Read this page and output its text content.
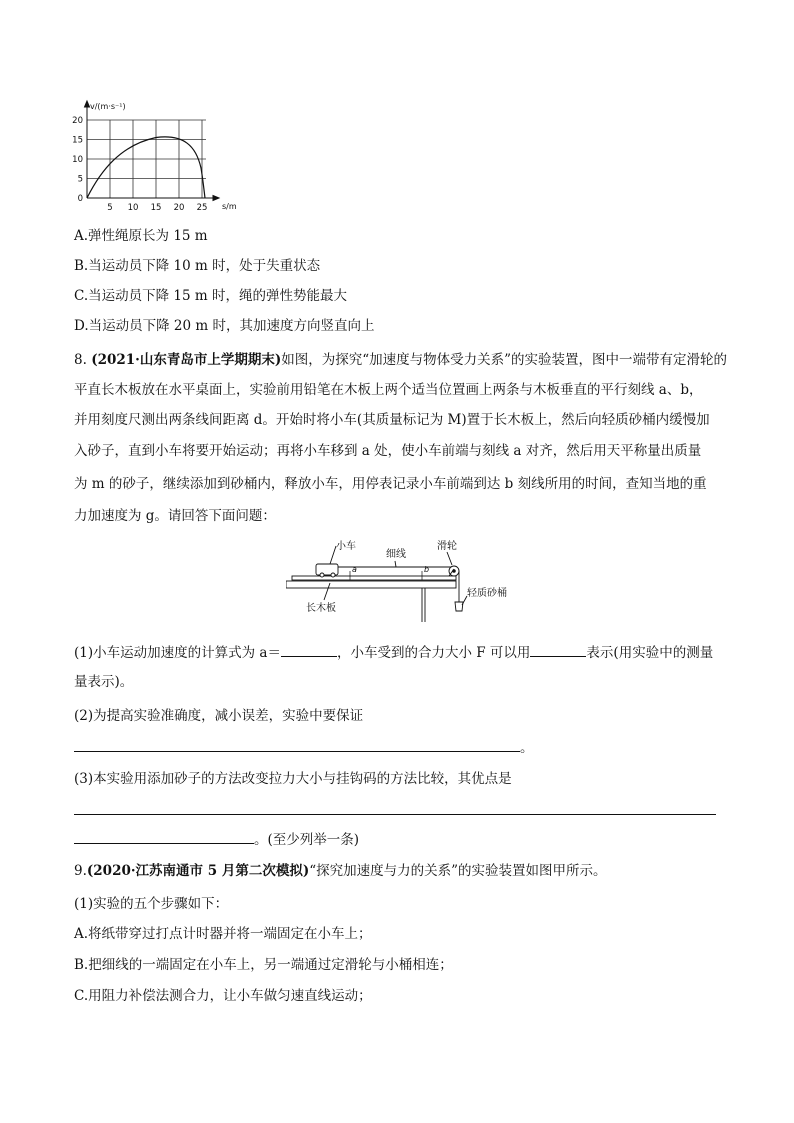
v/(m·s⁻¹)
s/m
0
5
10
15
20
5 10 15 20 25
A.弹性绳原长为 15 m
B.当运动员下降 10 m 时，处于失重状态
C.当运动员下降 15 m 时，绳的弹性势能最大
D.当运动员下降 20 m 时，其加速度方向竖直向上
8. (2021·山东青岛市上学期期末)如图，为探究“加速度与物体受力关系”的实验装置，图中一端带有定滑轮的
平直长木板放在水平桌面上，实验前用铅笔在木板上两个适当位置画上两条与木板垂直的平行刻线 a、b，
并用刻度尺测出两条线间距离 d。开始时将小车(其质量标记为 M)置于长木板上，然后向轻质砂桶内缓慢加
入砂子，直到小车将要开始运动；再将小车移到 a 处，使小车前端与刻线 a 对齐，然后用天平称量出质量
为 m 的砂子，继续添加到砂桶内，释放小车，用停表记录小车前端到达 b 刻线所用的时间，查知当地的重
力加速度为 g。请回答下面问题：
小车
细线
滑轮
长木板
轻质砂桶
a	b
(1)小车运动加速度的计算式为 a＝	，小车受到的合力大小 F 可以用	表示(用实验中的测量
量表示)。
(2)为提高实验准确度，减小误差，实验中要保证
。
(3)本实验用添加砂子的方法改变拉力大小与挂钩码的方法比较，其优点是
。(至少列举一条)
9.(2020·江苏南通市 5 月第二次模拟)“探究加速度与力的关系”的实验装置如图甲所示。
(1)实验的五个步骤如下：
A.将纸带穿过打点计时器并将一端固定在小车上；
B.把细线的一端固定在小车上，另一端通过定滑轮与小桶相连；
C.用阻力补偿法测合力，让小车做匀速直线运动；
